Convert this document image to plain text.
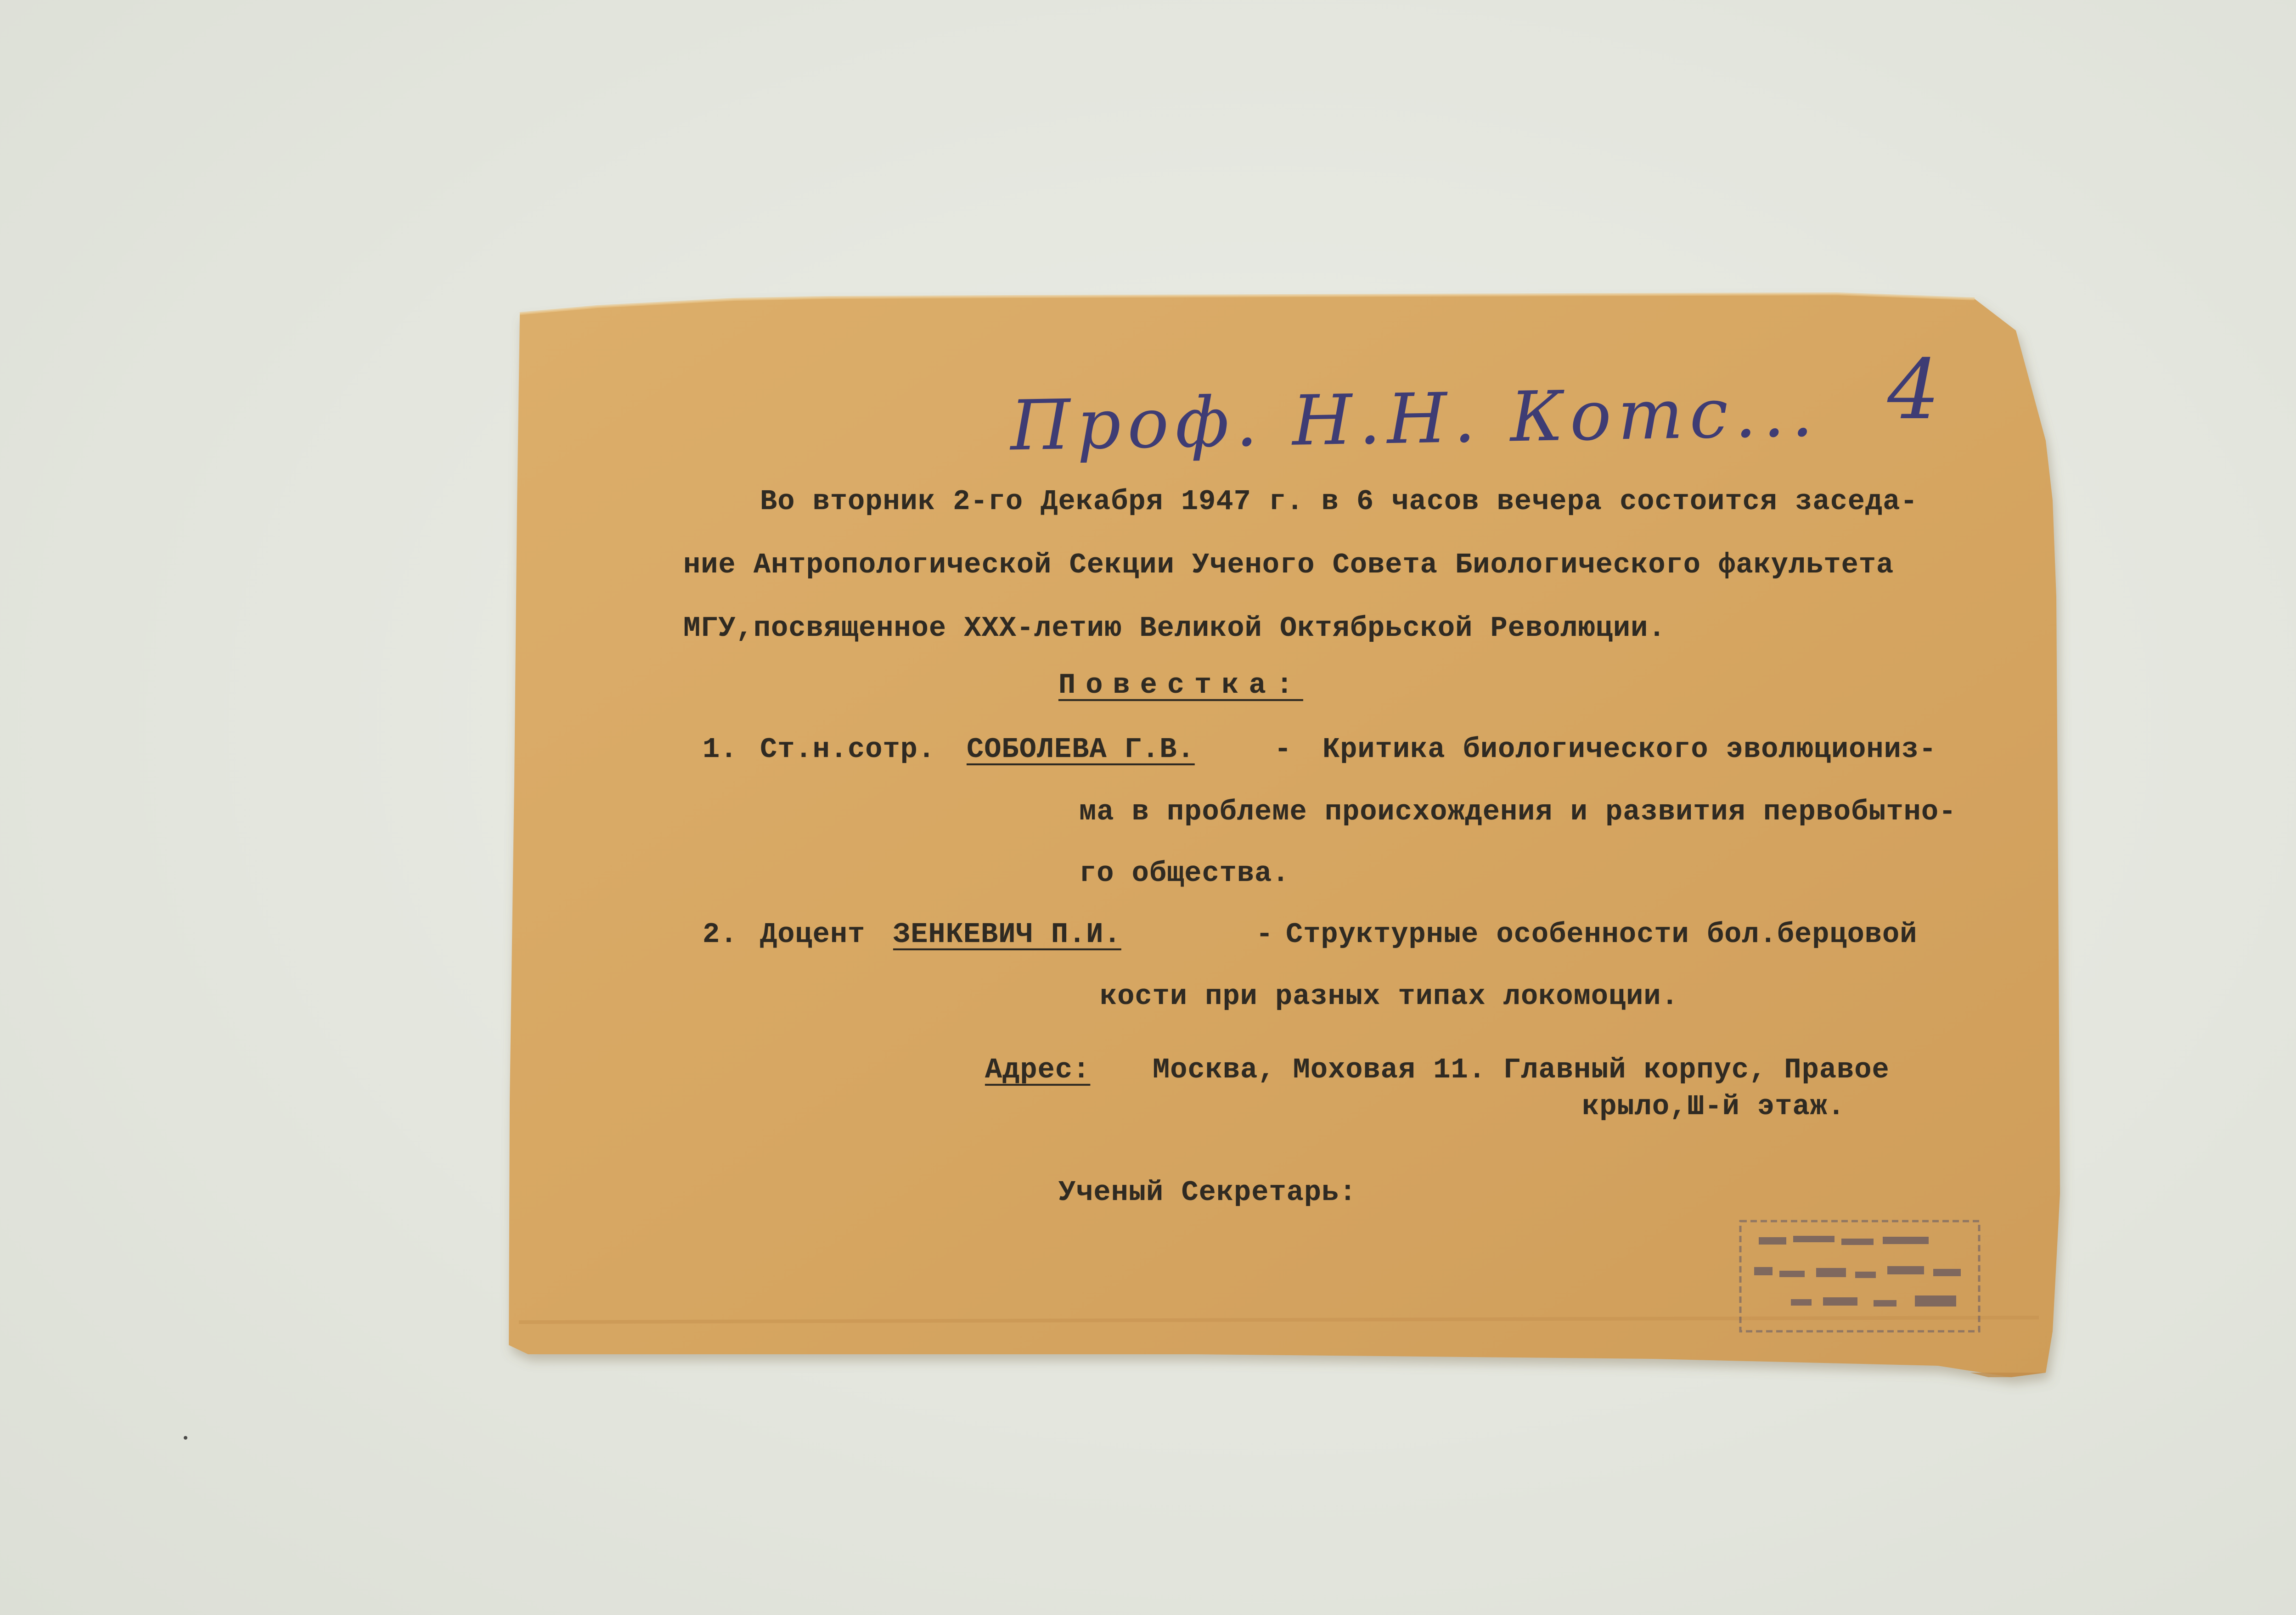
Проф. Н.Н. Котс... 4
Во вторник 2-го Декабря 1947 г. в 6 часов вечера состоится заседа-
ние Антропологической Секции Ученого Совета Биологического факультета
МГУ,посвященное XXX-летию Великой Октябрьской Революции.
Повестка:
1. Ст.н.сотр. СОБОЛЕВА Г.В.	- Критика биологического эволюциониз-
ма в проблеме происхождения и развития первобытно-
го общества.
2. Доцент ЗЕНКЕВИЧ П.И.	- Структурные особенности бол.берцовой
кости при разных типах локомоции.
Адрес: Москва, Моховая 11. Главный корпус, Правое
крыло,Ш-й этаж.
Ученый Секретарь:
